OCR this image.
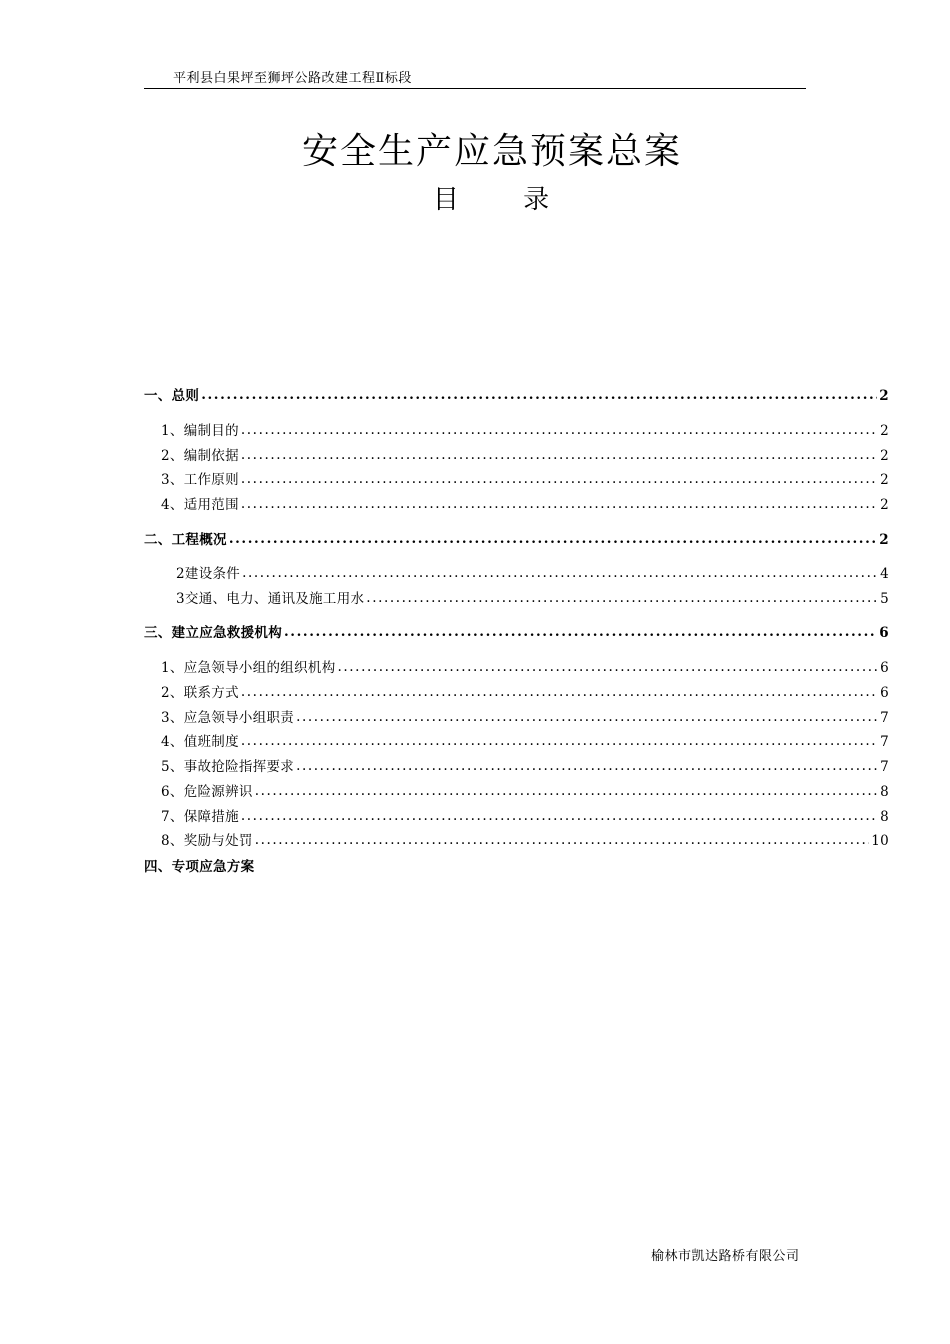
平利县白果坪至狮坪公路改建工程Ⅱ标段
安全生产应急预案总案
目 录
一、总则 .....	2
1、编制目的 .....	2
2、编制依据 .....	2
3、工作原则 .....	2
4、适用范围 .....	2
二、工程概况 .....	2
2建设条件 .....	4
3交通、电力、通讯及施工用水 .....	5
三、建立应急救援机构 .....	6
1、应急领导小组的组织机构 .....	6
2、联系方式 .....	6
3、应急领导小组职责 .....	7
4、值班制度 .....	7
5、事故抢险指挥要求 .....	7
6、危险源辨识 .....	8
7、保障措施 .....	8
8、奖励与处罚 .....	10
四、专项应急方案
榆林市凯达路桥有限公司
